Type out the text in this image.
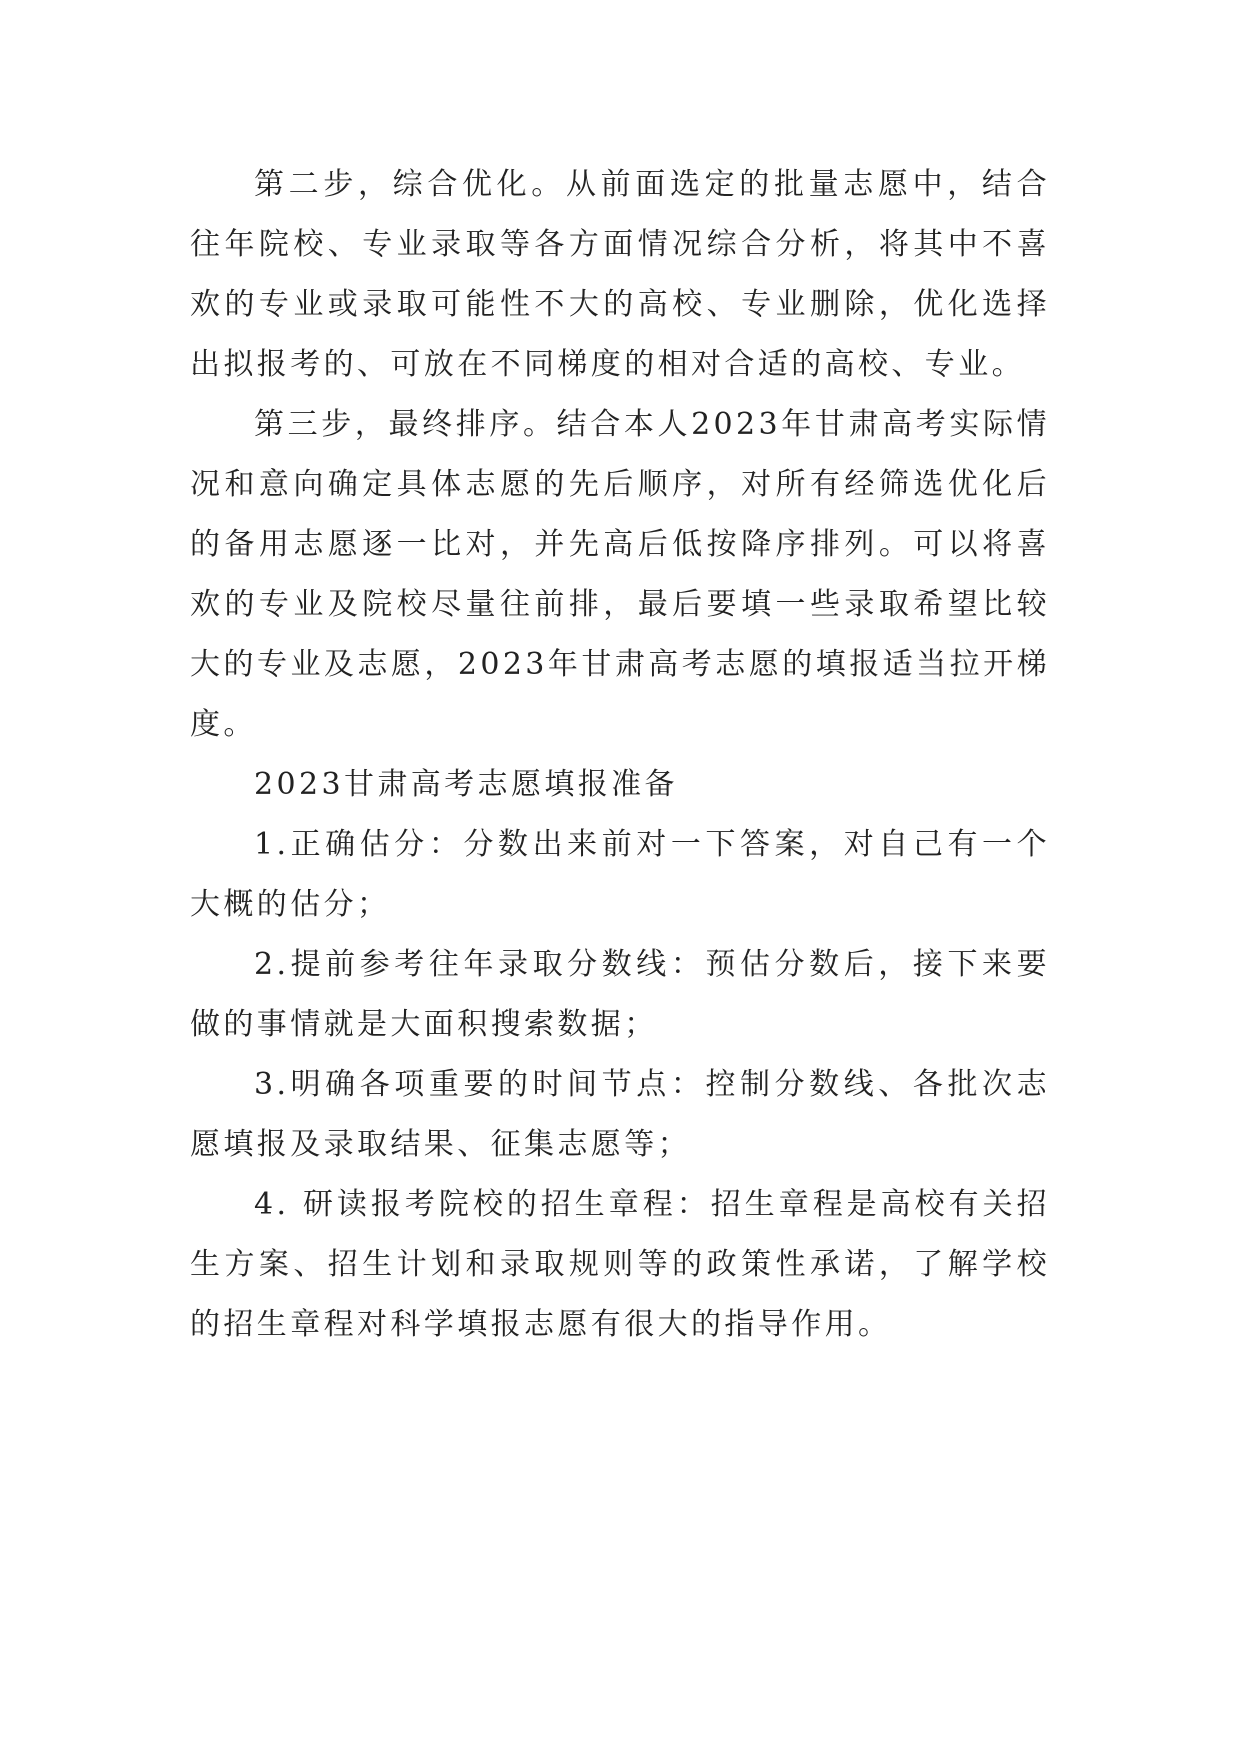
第二步，综合优化。从前面选定的批量志愿中，结合往年院校、专业录取等各方面情况综合分析，将其中不喜欢的专业或录取可能性不大的高校、专业删除，优化选择出拟报考的、可放在不同梯度的相对合适的高校、专业。

第三步，最终排序。结合本人2023年甘肃高考实际情况和意向确定具体志愿的先后顺序，对所有经筛选优化后的备用志愿逐一比对，并先高后低按降序排列。可以将喜欢的专业及院校尽量往前排，最后要填一些录取希望比较大的专业及志愿，2023年甘肃高考志愿的填报适当拉开梯度。

2023甘肃高考志愿填报准备

1.正确估分：分数出来前对一下答案，对自己有一个大概的估分；

2.提前参考往年录取分数线：预估分数后，接下来要做的事情就是大面积搜索数据；

3.明确各项重要的时间节点：控制分数线、各批次志愿填报及录取结果、征集志愿等；

4. 研读报考院校的招生章程：招生章程是高校有关招生方案、招生计划和录取规则等的政策性承诺，了解学校的招生章程对科学填报志愿有很大的指导作用。
